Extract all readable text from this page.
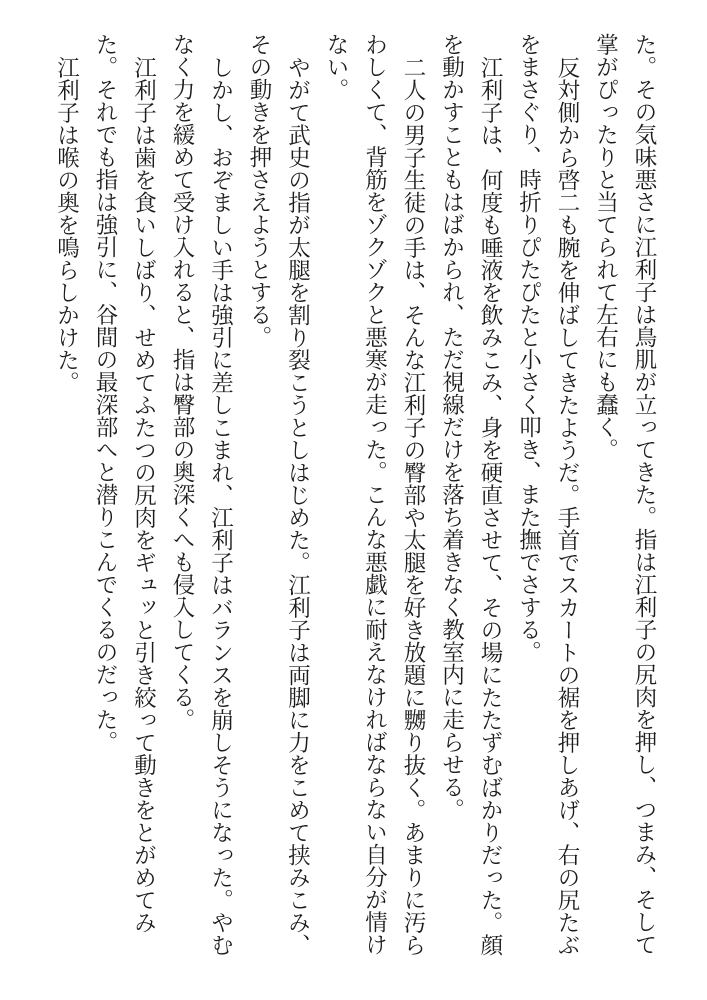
た。その気味悪さに江利子は鳥肌が立ってきた。指は江利子の尻肉を押し、つまみ、そして掌がぴったりと当てられて左右にも蠢く。

反対側から啓二も腕を伸ばしてきたようだ。手首でスカートの裾を押しあげ、右の尻たぶをまさぐり、時折りぴたぴたと小さく叩き、また撫でさする。

江利子は、何度も唾液を飲みこみ、身を硬直させて、その場にたたずむばかりだった。顔を動かすこともはばかられ、ただ視線だけを落ち着きなく教室内に走らせる。

二人の男子生徒の手は、そんな江利子の臀部や太腿を好き放題に嬲り抜く。あまりに汚らわしくて、背筋をゾクゾクと悪寒が走った。こんな悪戯に耐えなければならない自分が情けない。

やがて武史の指が太腿を割り裂こうとしはじめた。江利子は両脚に力をこめて挟みこみ、その動きを押さえようとする。

しかし、おぞましい手は強引に差しこまれ、江利子はバランスを崩しそうになった。やむなく力を緩めて受け入れると、指は臀部の奥深くへも侵入してくる。

江利子は歯を食いしばり、せめてふたつの尻肉をギュッと引き絞って動きをとがめてみた。それでも指は強引に、谷間の最深部へと潜りこんでくるのだった。

江利子は喉の奥を鳴らしかけた。
